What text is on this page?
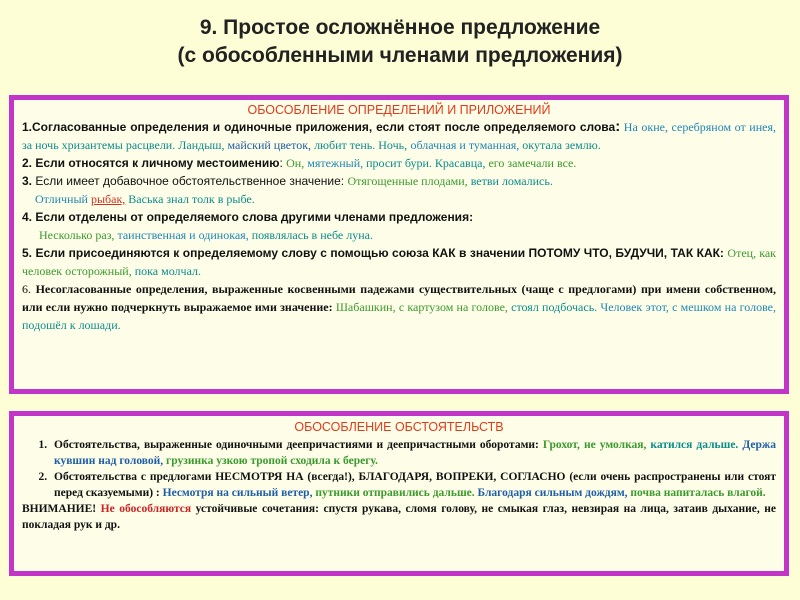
9. Простое осложнённое предложение
(с обособленными членами предложения)
ОБОСОБЛЕНИЕ ОПРЕДЕЛЕНИЙ И ПРИЛОЖЕНИЙ
1.Согласованные определения и одиночные приложения, если стоят после определяемого слова: На окне, серебряном от инея, за ночь хризантемы расцвели. Ландыш, майский цветок, любит тень. Ночь, облачная и туманная, окутала землю.
2. Если относятся к личному местоимению: Он, мятежный, просит бури. Красавца, его замечали все.
3. Если имеет добавочное обстоятельственное значение: Отягощенные плодами, ветви ломались.
Отличный рыбак, Васька знал толк в рыбе.
4. Если отделены от определяемого слова другими членами предложения:
Несколько раз, таинственная и одинокая, появлялась в небе луна.
5. Если присоединяются к определяемому слову с помощью союза КАК в значении ПОТОМУ ЧТО, БУДУЧИ, ТАК КАК: Отец, как человек осторожный, пока молчал.
6. Несогласованные определения, выраженные косвенными падежами существительных (чаще с предлогами) при имени собственном, или если нужно подчеркнуть выражаемое ими значение: Шабашкин, с картузом на голове, стоял подбочась. Человек этот, с мешком на голове, подошёл к лошади.
ОБОСОБЛЕНИЕ ОБСТОЯТЕЛЬСТВ
1. Обстоятельства, выраженные одиночными деепричастиями и деепричастными оборотами: Грохот, не умолкая, катился дальше. Держа кувшин над головой, грузинка узкою тропой сходила к берегу.
2. Обстоятельства с предлогами НЕСМОТРЯ НА (всегда!), БЛАГОДАРЯ, ВОПРЕКИ, СОГЛАСНО (если очень распространены или стоят перед сказуемыми) : Несмотря на сильный ветер, путники отправились дальше. Благодаря сильным дождям, почва напиталась влагой.
ВНИМАНИЕ! Не обособляются устойчивые сочетания: спустя рукава, сломя голову, не смыкая глаз, невзирая на лица, затаив дыхание, не покладая рук и др.
